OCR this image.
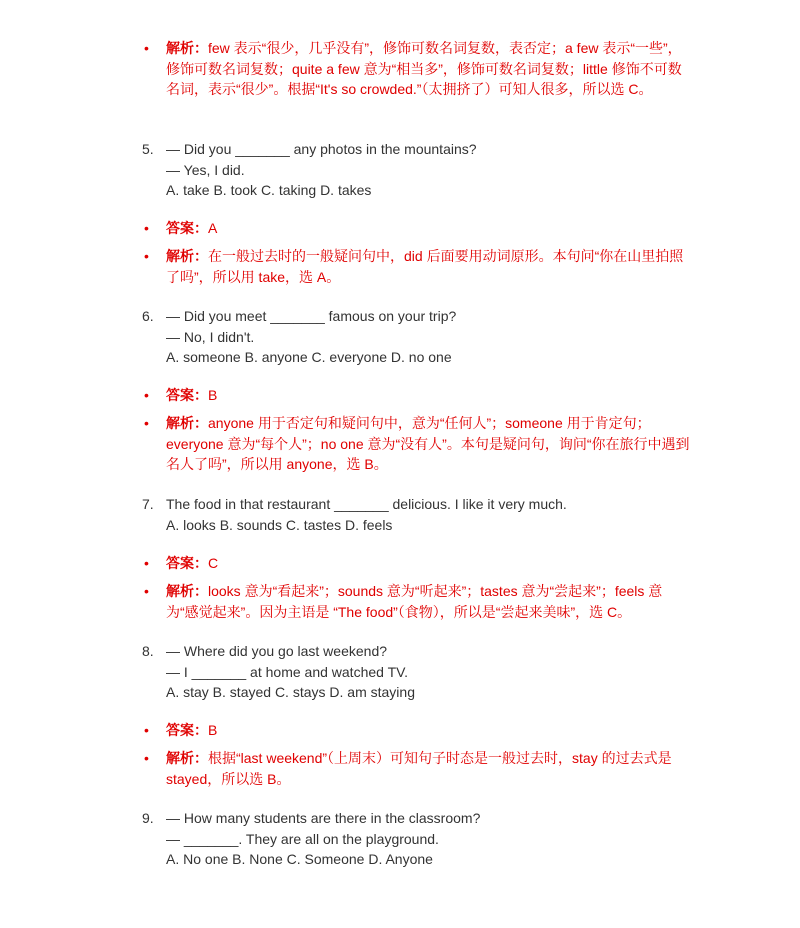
• 解析：few 表示“很少，几乎没有”，修饰可数名词复数，表否定；a few 表示“一些”，修饰可数名词复数；quite a few 意为“相当多”，修饰可数名词复数；little 修饰不可数名词，表示“很少”。根据“It's so crowded.”（太拥挤了）可知人很多，所以选 C。
5. — Did you _______ any photos in the mountains?
— Yes, I did.
A. take B. took C. taking D. takes
• 答案：A
• 解析：在一般过去时的一般疑问句中，did 后面要用动词原形。本句问“你在山里拍照了吗”，所以用 take，选 A。
6. — Did you meet _______ famous on your trip?
— No, I didn't.
A. someone B. anyone C. everyone D. no one
• 答案：B
• 解析：anyone 用于否定句和疑问句中，意为“任何人”；someone 用于肯定句；everyone 意为“每个人”；no one 意为“没有人”。本句是疑问句，询问“你在旅行中遇到名人了吗”，所以用 anyone，选 B。
7. The food in that restaurant _______ delicious. I like it very much.
A. looks B. sounds C. tastes D. feels
• 答案：C
• 解析：looks 意为“看起来”；sounds 意为“听起来”；tastes 意为“尝起来”；feels 意为“感觉起来”。因为主语是 “The food”（食物），所以是“尝起来美味”，选 C。
8. — Where did you go last weekend?
— I _______ at home and watched TV.
A. stay B. stayed C. stays D. am staying
• 答案：B
• 解析：根据“last weekend”（上周末）可知句子时态是一般过去时，stay 的过去式是 stayed，所以选 B。
9. — How many students are there in the classroom?
— _______. They are all on the playground.
A. No one B. None C. Someone D. Anyone
